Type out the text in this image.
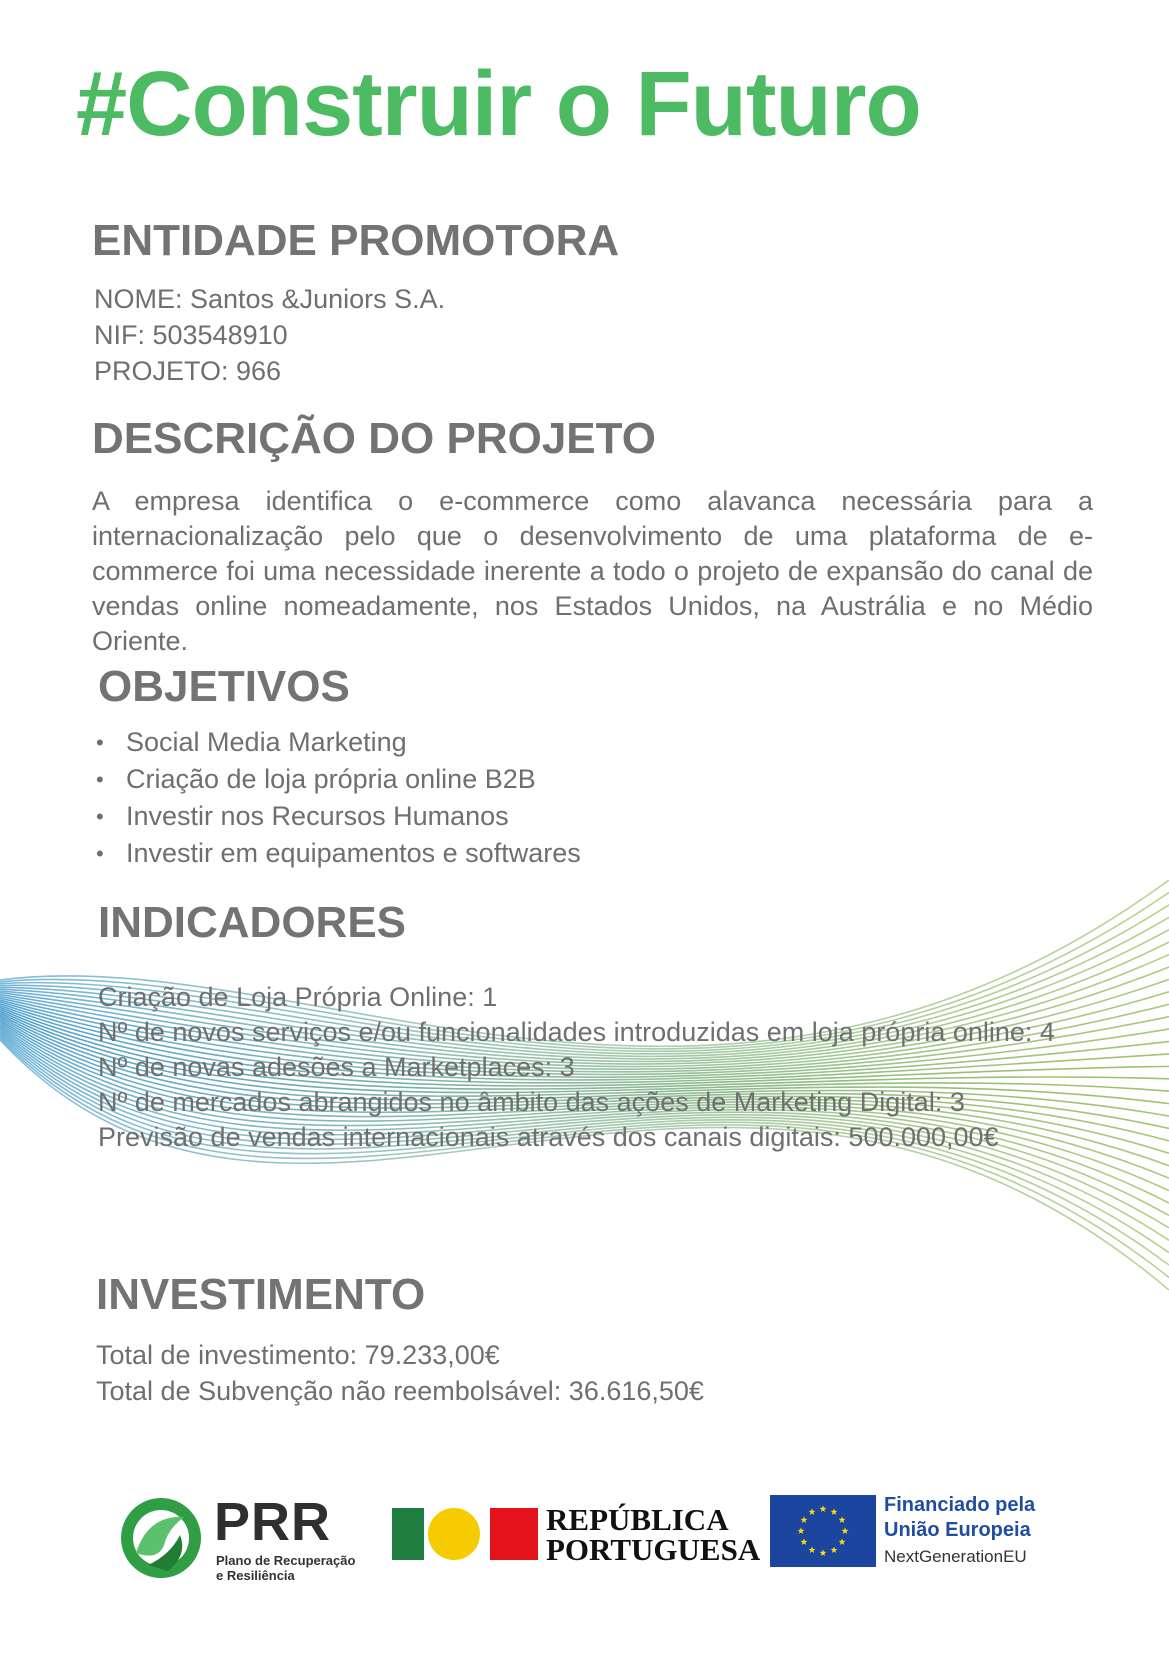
#Construir o Futuro
ENTIDADE PROMOTORA
NOME: Santos &Juniors S.A.
NIF: 503548910
PROJETO: 966
DESCRIÇÃO DO PROJETO
A empresa identifica o e-commerce como alavanca necessária para a internacionalização pelo que o desenvolvimento de uma plataforma de e-commerce foi uma necessidade inerente a todo o projeto de expansão do canal de vendas online nomeadamente, nos Estados Unidos, na Austrália e no Médio Oriente.
OBJETIVOS
• Social Media Marketing
• Criação de loja própria online B2B
• Investir nos Recursos Humanos
• Investir em equipamentos e softwares
INDICADORES
Criação de Loja Própria Online: 1
Nº de novos serviços e/ou funcionalidades introduzidas em loja própria online: 4
Nº de novas adesões a Marketplaces: 3
Nº de mercados abrangidos no âmbito das ações de Marketing Digital: 3
Previsão de vendas internacionais através dos canais digitais: 500.000,00€
INVESTIMENTO
Total de investimento: 79.233,00€
Total de Subvenção não reembolsável: 36.616,50€
PRR
Plano de Recuperação
e Resiliência
REPÚBLICA
PORTUGUESA
Financiado pela
União Europeia
NextGenerationEU
